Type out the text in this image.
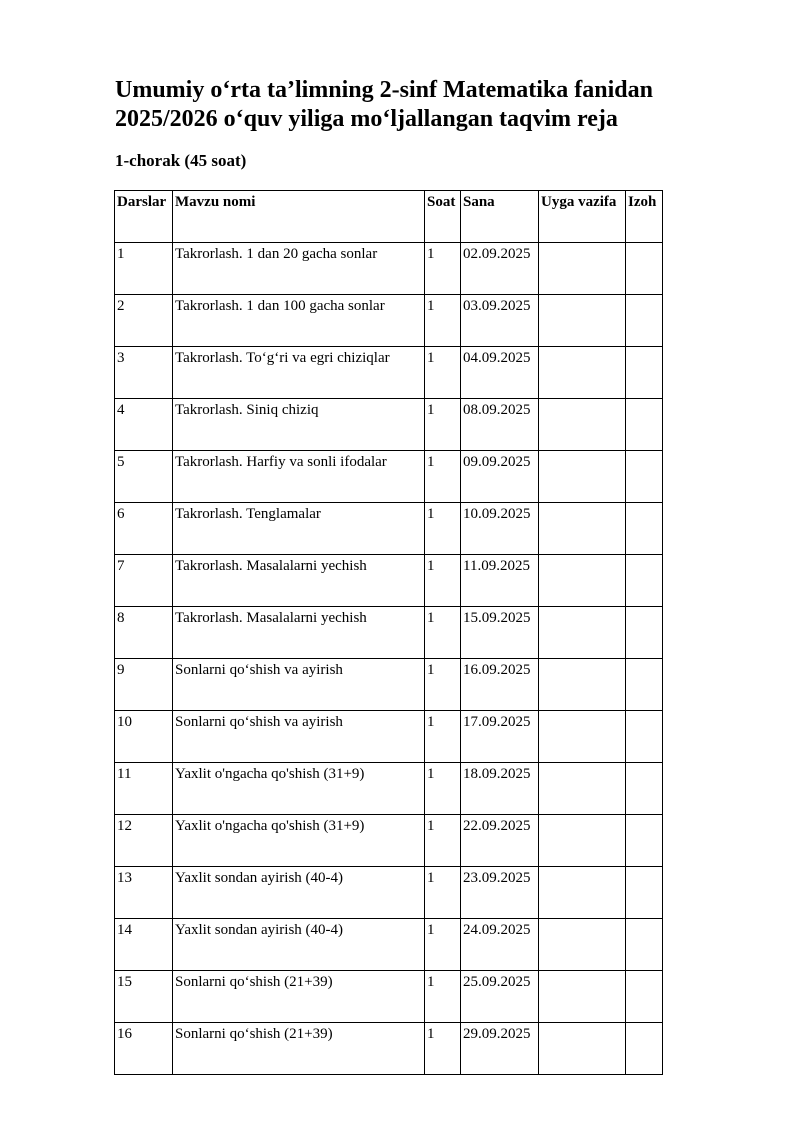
Umumiy o‘rta ta’limning 2-sinf Matematika fanidan 2025/2026 o‘quv yiliga mo‘ljallangan taqvim reja
1-chorak (45 soat)
Darslar	Mavzu nomi	Soat	Sana	Uyga vazifa	Izoh
1	Takrorlash. 1 dan 20 gacha sonlar	1	02.09.2025		
2	Takrorlash. 1 dan 100 gacha sonlar	1	03.09.2025		
3	Takrorlash. To‘g‘ri va egri chiziqlar	1	04.09.2025		
4	Takrorlash. Siniq chiziq	1	08.09.2025		
5	Takrorlash. Harfiy va sonli ifodalar	1	09.09.2025		
6	Takrorlash. Tenglamalar	1	10.09.2025		
7	Takrorlash. Masalalarni yechish	1	11.09.2025		
8	Takrorlash. Masalalarni yechish	1	15.09.2025		
9	Sonlarni qo‘shish va ayirish	1	16.09.2025		
10	Sonlarni qo‘shish va ayirish	1	17.09.2025		
11	Yaxlit o'ngacha qo'shish (31+9)	1	18.09.2025		
12	Yaxlit o'ngacha qo'shish (31+9)	1	22.09.2025		
13	Yaxlit sondan ayirish (40-4)	1	23.09.2025		
14	Yaxlit sondan ayirish (40-4)	1	24.09.2025		
15	Sonlarni qo‘shish (21+39)	1	25.09.2025		
16	Sonlarni qo‘shish (21+39)	1	29.09.2025		
